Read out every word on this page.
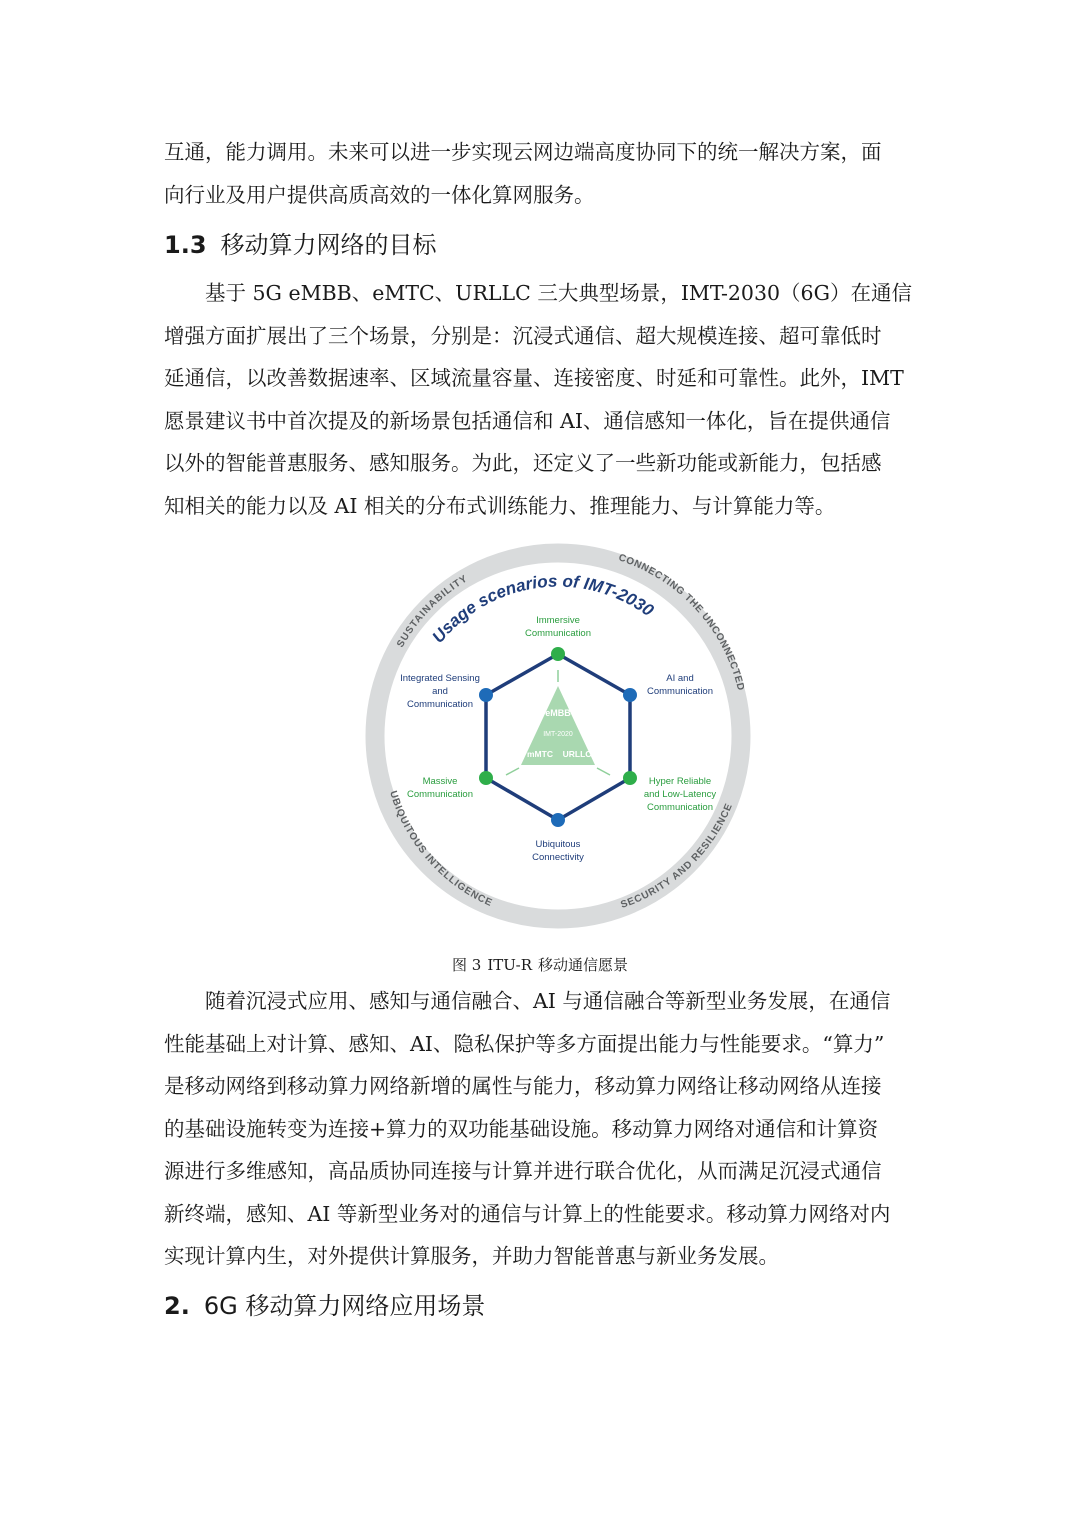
互通，能力调用。未来可以进一步实现云网边端高度协同下的统一解决方案，面
向行业及用户提供高质高效的一体化算网服务。

1.3 移动算力网络的目标

基于 5G eMBB、eMTC、URLLC 三大典型场景，IMT-2030（6G）在通信
增强方面扩展出了三个场景，分别是：沉浸式通信、超大规模连接、超可靠低时
延通信，以改善数据速率、区域流量容量、连接密度、时延和可靠性。此外，IMT
愿景建议书中首次提及的新场景包括通信和 AI、通信感知一体化，旨在提供通信
以外的智能普惠服务、感知服务。为此，还定义了一些新功能或新能力，包括感
知相关的能力以及 AI 相关的分布式训练能力、推理能力、与计算能力等。

SUSTAINABILITY
CONNECTING THE UNCONNECTED
UBIQUITOUS INTELLIGENCE	SECURITY AND RESILIENCE
Usage scenarios of IMT-2030
eMBB
IMT-2020
mMTC URLLC
Immersive
Communication
AI and
Communication
Hyper Reliable
and Low-Latency
Communication
Ubiquitous
Connectivity
Massive
Communication
Integrated Sensing
and
Communication
图 3 ITU-R 移动通信愿景

随着沉浸式应用、感知与通信融合、AI 与通信融合等新型业务发展，在通信
性能基础上对计算、感知、AI、隐私保护等多方面提出能力与性能要求。“算力”
是移动网络到移动算力网络新增的属性与能力，移动算力网络让移动网络从连接
的基础设施转变为连接+算力的双功能基础设施。移动算力网络对通信和计算资
源进行多维感知，高品质协同连接与计算并进行联合优化，从而满足沉浸式通信
新终端，感知、AI 等新型业务对的通信与计算上的性能要求。移动算力网络对内
实现计算内生，对外提供计算服务，并助力智能普惠与新业务发展。

2. 6G 移动算力网络应用场景
